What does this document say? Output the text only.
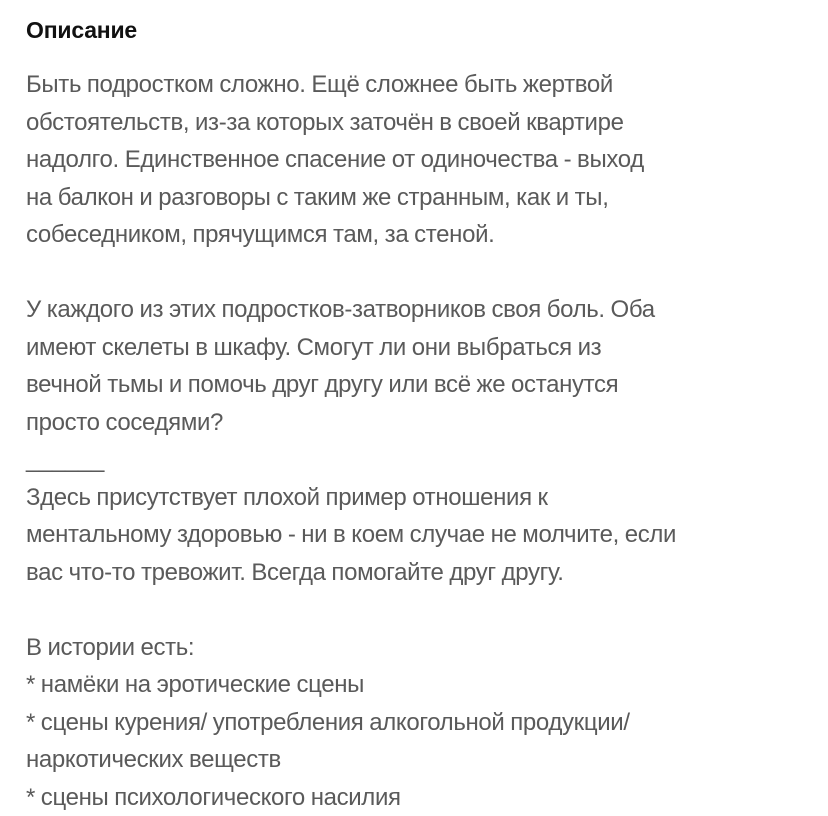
Описание
Быть подростком сложно. Ещё сложнее быть жертвой
обстоятельств, из-за которых заточён в своей квартире
надолго. Единственное спасение от одиночества - выход
на балкон и разговоры с таким же странным, как и ты,
собеседником, прячущимся там, за стеной.

У каждого из этих подростков-затворников своя боль. Оба
имеют скелеты в шкафу. Смогут ли они выбраться из
вечной тьмы и помочь друг другу или всё же останутся
просто соседями?
______
Здесь присутствует плохой пример отношения к
ментальному здоровью - ни в коем случае не молчите, если
вас что-то тревожит. Всегда помогайте друг другу.

В истории есть:
* намёки на эротические сцены
* сцены курения/ употребления алкогольной продукции/
наркотических веществ
* сцены психологического насилия
